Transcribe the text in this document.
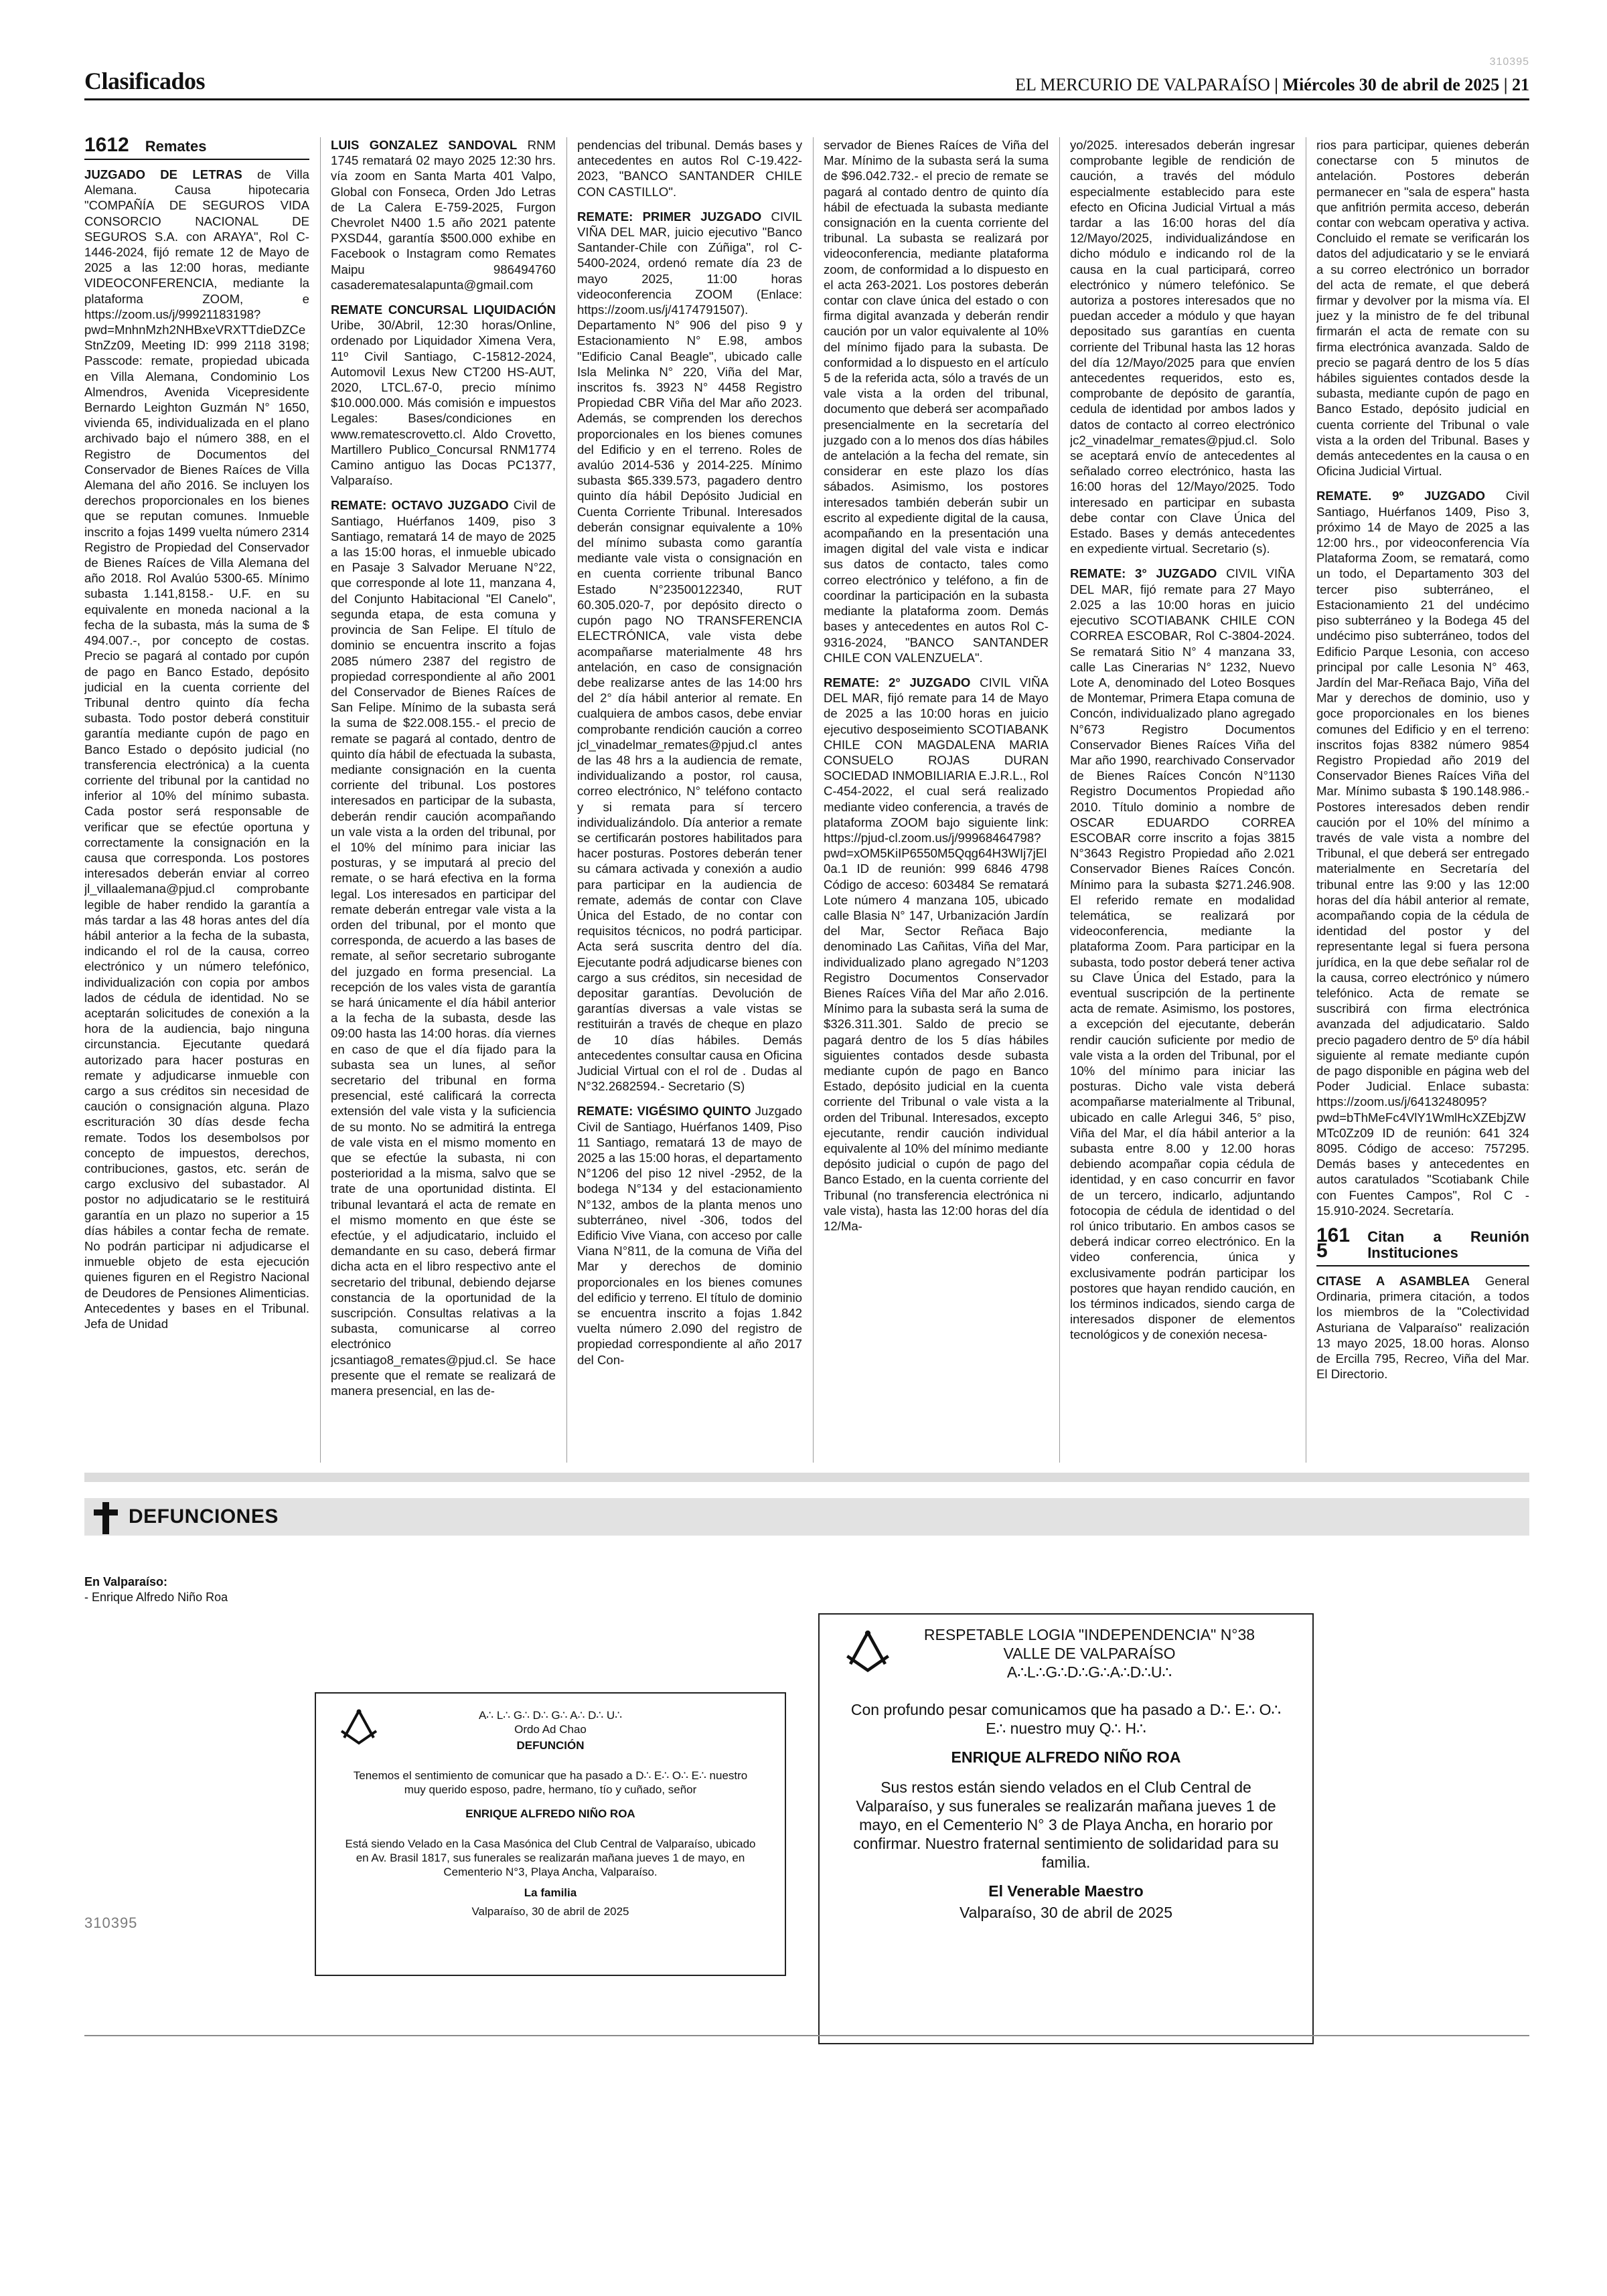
Clasificados
310395
EL MERCURIO DE VALPARAÍSO | Miércoles 30 de abril de 2025 | 21
1612 Remates

JUZGADO DE LETRAS de Villa Alemana. Causa hipotecaria "COMPAÑÍA DE SEGUROS VIDA CONSORCIO NACIONAL DE SEGUROS S.A. con ARAYA", Rol C- 1446-2024, fijó remate 12 de Mayo de 2025 a las 12:00 horas, mediante VIDEOCONFERENCIA, mediante la plataforma ZOOM, e https://zoom.us/j/99921183198?pwd=MnhnMzh2NHBxeVRXTTdieDZCeStnZz09, Meeting ID: 999 2118 3198; Passcode: remate, propiedad ubicada en Villa Alemana, Condominio Los Almendros, Avenida Vicepresidente Bernardo Leighton Guzmán N° 1650, vivienda 65, individualizada en el plano archivado bajo el número 388, en el Registro de Documentos del Conservador de Bienes Raíces de Villa Alemana del año 2016. Se incluyen los derechos proporcionales en los bienes que se reputan comunes. Inmueble inscrito a fojas 1499 vuelta número 2314 Registro de Propiedad del Conservador de Bienes Raíces de Villa Alemana del año 2018. Rol Avalúo 5300-65. Mínimo subasta 1.141,8158.- U.F. en su equivalente en moneda nacional a la fecha de la subasta, más la suma de $ 494.007.-, por concepto de costas. Precio se pagará al contado por cupón de pago en Banco Estado, depósito judicial en la cuenta corriente del Tribunal dentro quinto día fecha subasta. Todo postor deberá constituir garantía mediante cupón de pago en Banco Estado o depósito judicial (no transferencia electrónica) a la cuenta corriente del tribunal por la cantidad no inferior al 10% del mínimo subasta. Cada postor será responsable de verificar que se efectúe oportuna y correctamente la consignación en la causa que corresponda. Los postores interesados deberán enviar al correo jl_villaalemana@pjud.cl comprobante legible de haber rendido la garantía a más tardar a las 48 horas antes del día hábil anterior a la fecha de la subasta, indicando el rol de la causa, correo electrónico y un número telefónico, individualización con copia por ambos lados de cédula de identidad. No se aceptarán solicitudes de conexión a la hora de la audiencia, bajo ninguna circunstancia. Ejecutante quedará autorizado para hacer posturas en remate y adjudicarse inmueble con cargo a sus créditos sin necesidad de caución o consignación alguna. Plazo escrituración 30 días desde fecha remate. Todos los desembolsos por concepto de impuestos, derechos, contribuciones, gastos, etc. serán de cargo exclusivo del subastador. Al postor no adjudicatario se le restituirá garantía en un plazo no superior a 15 días hábiles a contar fecha de remate. No podrán participar ni adjudicarse el inmueble objeto de esta ejecución quienes figuren en el Registro Nacional de Deudores de Pensiones Alimenticias. Antecedentes y bases en el Tribunal. Jefa de Unidad

LUIS GONZALEZ SANDOVAL RNM 1745 rematará 02 mayo 2025 12:30 hrs. vía zoom en Santa Marta 401 Valpo, Global con Fonseca, Orden Jdo Letras de La Calera E-759-2025, Furgon Chevrolet N400 1.5 año 2021 patente PXSD44, garantía $500.000 exhibe en Facebook o Instagram como Remates Maipu 986494760 casaderematesalapunta@gmail.com

REMATE CONCURSAL LIQUIDACIÓN Uribe, 30/Abril, 12:30 horas/Online, ordenado por Liquidador Ximena Vera, 11º Civil Santiago, C-15812-2024, Automovil Lexus New CT200 HS-AUT, 2020, LTCL.67-0, precio mínimo $10.000.000. Más comisión e impuestos Legales: Bases/condiciones en www.rematescrovetto.cl. Aldo Crovetto, Martillero Publico_Concursal RNM1774 Camino antiguo las Docas PC1377, Valparaíso.

REMATE: OCTAVO JUZGADO Civil de Santiago, Huérfanos 1409, piso 3 Santiago, rematará 14 de mayo de 2025 a las 15:00 horas, el inmueble ubicado en Pasaje 3 Salvador Meruane N°22, que corresponde al lote 11, manzana 4, del Conjunto Habitacional "El Canelo", segunda etapa, de esta comuna y provincia de San Felipe. El título de dominio se encuentra inscrito a fojas 2085 número 2387 del registro de propiedad correspondiente al año 2001 del Conservador de Bienes Raíces de San Felipe. Mínimo de la subasta será la suma de $22.008.155.- el precio de remate se pagará al contado, dentro de quinto día hábil de efectuada la subasta, mediante consignación en la cuenta corriente del tribunal. Los postores interesados en participar de la subasta, deberán rendir caución acompañando un vale vista a la orden del tribunal, por el 10% del mínimo para iniciar las posturas, y se imputará al precio del remate, o se hará efectiva en la forma legal. Los interesados en participar del remate deberán entregar vale vista a la orden del tribunal, por el monto que corresponda, de acuerdo a las bases de remate, al señor secretario subrogante del juzgado en forma presencial. La recepción de los vales vista de garantía se hará únicamente el día hábil anterior a la fecha de la subasta, desde las 09:00 hasta las 14:00 horas. día viernes en caso de que el día fijado para la subasta sea un lunes, al señor secretario del tribunal en forma presencial, esté calificará la correcta extensión del vale vista y la suficiencia de su monto. No se admitirá la entrega de vale vista en el mismo momento en que se efectúe la subasta, ni con posterioridad a la misma, salvo que se trate de una oportunidad distinta. El tribunal levantará el acta de remate en el mismo momento en que éste se efectúe, y el adjudicatario, incluido el demandante en su caso, deberá firmar dicha acta en el libro respectivo ante el secretario del tribunal, debiendo dejarse constancia de la oportunidad de la suscripción. Consultas relativas a la subasta, comunicarse al correo electrónico jcsantiago8_remates@pjud.cl. Se hace presente que el remate se realizará de manera presencial, en las de-

pendencias del tribunal. Demás bases y antecedentes en autos Rol C-19.422-2023, "BANCO SANTANDER CHILE CON CASTILLO".

REMATE: PRIMER JUZGADO CIVIL VIÑA DEL MAR, juicio ejecutivo "Banco Santander-Chile con Zúñiga", rol C-5400-2024, ordenó remate día 23 de mayo 2025, 11:00 horas videoconferencia ZOOM (Enlace: https://zoom.us/j/4174791507). Departamento N° 906 del piso 9 y Estacionamiento N° E.98, ambos "Edificio Canal Beagle", ubicado calle Isla Melinka N° 220, Viña del Mar, inscritos fs. 3923 N° 4458 Registro Propiedad CBR Viña del Mar año 2023. Además, se comprenden los derechos proporcionales en los bienes comunes del Edificio y en el terreno. Roles de avalúo 2014-536 y 2014-225. Mínimo subasta $65.339.573, pagadero dentro quinto día hábil Depósito Judicial en Cuenta Corriente Tribunal. Interesados deberán consignar equivalente a 10% del mínimo subasta como garantía mediante vale vista o consignación en en cuenta corriente tribunal Banco Estado N°23500122340, RUT 60.305.020-7, por depósito directo o cupón pago NO TRANSFERENCIA ELECTRÓNICA, vale vista debe acompañarse materialmente 48 hrs antelación, en caso de consignación debe realizarse antes de las 14:00 hrs del 2° día hábil anterior al remate. En cualquiera de ambos casos, debe enviar comprobante rendición caución a correo jcl_vinadelmar_remates@pjud.cl antes de las 48 hrs a la audiencia de remate, individualizando a postor, rol causa, correo electrónico, N° teléfono contacto y si remata para sí tercero individualizándolo. Día anterior a remate se certificarán postores habilitados para hacer posturas. Postores deberán tener su cámara activada y conexión a audio para participar en la audiencia de remate, además de contar con Clave Única del Estado, de no contar con requisitos técnicos, no podrá participar. Acta será suscrita dentro del día. Ejecutante podrá adjudicarse bienes con cargo a sus créditos, sin necesidad de depositar garantías. Devolución de garantías diversas a vale vistas se restituirán a través de cheque en plazo de 10 días hábiles. Demás antecedentes consultar causa en Oficina Judicial Virtual con el rol de . Dudas al N°32.2682594.- Secretario (S)

REMATE: VIGÉSIMO QUINTO Juzgado Civil de Santiago, Huérfanos 1409, Piso 11 Santiago, rematará 13 de mayo de 2025 a las 15:00 horas, el departamento N°1206 del piso 12 nivel -2952, de la bodega N°134 y del estacionamiento N°132, ambos de la planta menos uno subterráneo, nivel -306, todos del Edificio Vive Viana, con acceso por calle Viana N°811, de la comuna de Viña del Mar y derechos de dominio proporcionales en los bienes comunes del edificio y terreno. El título de dominio se encuentra inscrito a fojas 1.842 vuelta número 2.090 del registro de propiedad correspondiente al año 2017 del Con-

servador de Bienes Raíces de Viña del Mar. Mínimo de la subasta será la suma de $96.042.732.- el precio de remate se pagará al contado dentro de quinto día hábil de efectuada la subasta mediante consignación en la cuenta corriente del tribunal. La subasta se realizará por videoconferencia, mediante plataforma zoom, de conformidad a lo dispuesto en el acta 263-2021. Los postores deberán contar con clave única del estado o con firma digital avanzada y deberán rendir caución por un valor equivalente al 10% del mínimo fijado para la subasta. De conformidad a lo dispuesto en el artículo 5 de la referida acta, sólo a través de un vale vista a la orden del tribunal, documento que deberá ser acompañado presencialmente en la secretaría del juzgado con a lo menos dos días hábiles de antelación a la fecha del remate, sin considerar en este plazo los días sábados. Asimismo, los postores interesados también deberán subir un escrito al expediente digital de la causa, acompañando en la presentación una imagen digital del vale vista e indicar sus datos de contacto, tales como correo electrónico y teléfono, a fin de coordinar la participación en la subasta mediante la plataforma zoom. Demás bases y antecedentes en autos Rol C-9316-2024, "BANCO SANTANDER CHILE CON VALENZUELA".

REMATE: 2° JUZGADO CIVIL VIÑA DEL MAR, fijó remate para 14 de Mayo de 2025 a las 10:00 horas en juicio ejecutivo desposeimiento SCOTIABANK CHILE CON MAGDALENA MARIA CONSUELO ROJAS DURAN SOCIEDAD INMOBILIARIA E.J.R.L., Rol C-454-2022, el cual será realizado mediante video conferencia, a través de plataforma ZOOM bajo siguiente link: https://pjud-cl.zoom.us/j/99968464798?pwd=xOM5KiIP6550M5Qqg64H3WIj7jEl0a.1 ID de reunión: 999 6846 4798 Código de acceso: 603484 Se rematará Lote número 4 manzana 105, ubicado calle Blasia N° 147, Urbanización Jardín del Mar, Sector Reñaca Bajo denominado Las Cañitas, Viña del Mar, individualizado plano agregado N°1203 Registro Documentos Conservador Bienes Raíces Viña del Mar año 2.016. Mínimo para la subasta será la suma de $326.311.301. Saldo de precio se pagará dentro de los 5 días hábiles siguientes contados desde subasta mediante cupón de pago en Banco Estado, depósito judicial en la cuenta corriente del Tribunal o vale vista a la orden del Tribunal. Interesados, excepto ejecutante, rendir caución individual equivalente al 10% del mínimo mediante depósito judicial o cupón de pago del Banco Estado, en la cuenta corriente del Tribunal (no transferencia electrónica ni vale vista), hasta las 12:00 horas del día 12/Ma-

yo/2025. interesados deberán ingresar comprobante legible de rendición de caución, a través del módulo especialmente establecido para este efecto en Oficina Judicial Virtual a más tardar a las 16:00 horas del día 12/Mayo/2025, individualizándose en dicho módulo e indicando rol de la causa en la cual participará, correo electrónico y número telefónico. Se autoriza a postores interesados que no puedan acceder a módulo y que hayan depositado sus garantías en cuenta corriente del Tribunal hasta las 12 horas del día 12/Mayo/2025 para que envíen antecedentes requeridos, esto es, comprobante de depósito de garantía, cedula de identidad por ambos lados y datos de contacto al correo electrónico jc2_vinadelmar_remates@pjud.cl. Solo se aceptará envío de antecedentes al señalado correo electrónico, hasta las 16:00 horas del 12/Mayo/2025. Todo interesado en participar en subasta debe contar con Clave Única del Estado. Bases y demás antecedentes en expediente virtual. Secretario (s).

REMATE: 3° JUZGADO CIVIL VIÑA DEL MAR, fijó remate para 27 Mayo 2.025 a las 10:00 horas en juicio ejecutivo SCOTIABANK CHILE CON CORREA ESCOBAR, Rol C-3804-2024. Se rematará Sitio N° 4 manzana 33, calle Las Cinerarias N° 1232, Nuevo Lote A, denominado del Loteo Bosques de Montemar, Primera Etapa comuna de Concón, individualizado plano agregado N°673 Registro Documentos Conservador Bienes Raíces Viña del Mar año 1990, rearchivado Conservador de Bienes Raíces Concón N°1130 Registro Documentos Propiedad año 2010. Título dominio a nombre de OSCAR EDUARDO CORREA ESCOBAR corre inscrito a fojas 3815 N°3643 Registro Propiedad año 2.021 Conservador Bienes Raíces Concón. Mínimo para la subasta $271.246.908. El referido remate en modalidad telemática, se realizará por videoconferencia, mediante la plataforma Zoom. Para participar en la subasta, todo postor deberá tener activa su Clave Única del Estado, para la eventual suscripción de la pertinente acta de remate. Asimismo, los postores, a excepción del ejecutante, deberán rendir caución suficiente por medio de vale vista a la orden del Tribunal, por el 10% del mínimo para iniciar las posturas. Dicho vale vista deberá acompañarse materialmente al Tribunal, ubicado en calle Arlegui 346, 5° piso, Viña del Mar, el día hábil anterior a la subasta entre 8.00 y 12.00 horas debiendo acompañar copia cédula de identidad, y en caso concurrir en favor de un tercero, indicarlo, adjuntando fotocopia de cédula de identidad o del rol único tributario. En ambos casos se deberá indicar correo electrónico. En la video conferencia, única y exclusivamente podrán participar los postores que hayan rendido caución, en los términos indicados, siendo carga de interesados disponer de elementos tecnológicos y de conexión necesa-

rios para participar, quienes deberán conectarse con 5 minutos de antelación. Postores deberán permanecer en "sala de espera" hasta que anfitrión permita acceso, deberán contar con webcam operativa y activa. Concluido el remate se verificarán los datos del adjudicatario y se le enviará a su correo electrónico un borrador del acta de remate, el que deberá firmar y devolver por la misma vía. El juez y la ministro de fe del tribunal firmarán el acta de remate con su firma electrónica avanzada. Saldo de precio se pagará dentro de los 5 días hábiles siguientes contados desde la subasta, mediante cupón de pago en Banco Estado, depósito judicial en cuenta corriente del Tribunal o vale vista a la orden del Tribunal. Bases y demás antecedentes en la causa o en Oficina Judicial Virtual.

REMATE. 9º JUZGADO Civil Santiago, Huérfanos 1409, Piso 3, próximo 14 de Mayo de 2025 a las 12:00 hrs., por videoconferencia Vía Plataforma Zoom, se rematará, como un todo, el Departamento 303 del tercer piso subterráneo, el Estacionamiento 21 del undécimo piso subterráneo y la Bodega 45 del undécimo piso subterráneo, todos del Edificio Parque Lesonia, con acceso principal por calle Lesonia N° 463, Jardín del Mar-Reñaca Bajo, Viña del Mar y derechos de dominio, uso y goce proporcionales en los bienes comunes del Edificio y en el terreno: inscritos fojas 8382 número 9854 Registro Propiedad año 2019 del Conservador Bienes Raíces Viña del Mar. Mínimo subasta $ 190.148.986.- Postores interesados deben rendir caución por el 10% del mínimo a través de vale vista a nombre del Tribunal, el que deberá ser entregado materialmente en Secretaría del tribunal entre las 9:00 y las 12:00 horas del día hábil anterior al remate, acompañando copia de la cédula de identidad del postor y del representante legal si fuera persona jurídica, en la que debe señalar rol de la causa, correo electrónico y número telefónico. Acta de remate se suscribirá con firma electrónica avanzada del adjudicatario. Saldo precio pagadero dentro de 5º día hábil siguiente al remate mediante cupón de pago disponible en página web del Poder Judicial. Enlace subasta: https://zoom.us/j/6413248095?pwd=bThMeFc4VlY1WmlHcXZEbjZWMTc0Zz09 ID de reunión: 641 324 8095. Código de acceso: 757295. Demás bases y antecedentes en autos caratulados "Scotiabank Chile con Fuentes Campos", Rol C - 15.910-2024. Secretaría.

1615
Citan a Reunión Instituciones

CITASE A ASAMBLEA General Ordinaria, primera citación, a todos los miembros de la "Colectividad Asturiana de Valparaíso" realización 13 mayo 2025, 18.00 horas. Alonso de Ercilla 795, Recreo, Viña del Mar. El Directorio.

DEFUNCIONES
En Valparaíso:
- Enrique Alfredo Niño Roa
A∴ L∴ G∴ D∴ G∴ A∴ D∴ U∴
Ordo Ad Chao
DEFUNCIÓN
Tenemos el sentimiento de comunicar que ha pasado a D∴ E∴ O∴ E∴ nuestro muy querido esposo, padre, hermano, tío y cuñado, señor
ENRIQUE ALFREDO NIÑO ROA
Está siendo Velado en la Casa Masónica del Club Central de Valparaíso, ubicado en Av. Brasil 1817, sus funerales se realizarán mañana jueves 1 de mayo, en Cementerio N°3, Playa Ancha, Valparaíso.
La familia
Valparaíso, 30 de abril de 2025
RESPETABLE LOGIA "INDEPENDENCIA" N°38
VALLE DE VALPARAÍSO
A∴L∴G∴D∴G∴A∴D∴U∴
Con profundo pesar comunicamos que ha pasado a D∴ E∴ O∴ E∴ nuestro muy Q∴ H∴
ENRIQUE ALFREDO NIÑO ROA
Sus restos están siendo velados en el Club Central de Valparaíso, y sus funerales se realizarán mañana jueves 1 de mayo, en el Cementerio N° 3 de Playa Ancha, en horario por confirmar. Nuestro fraternal sentimiento de solidaridad para su familia.
El Venerable Maestro
Valparaíso, 30 de abril de 2025
310395
